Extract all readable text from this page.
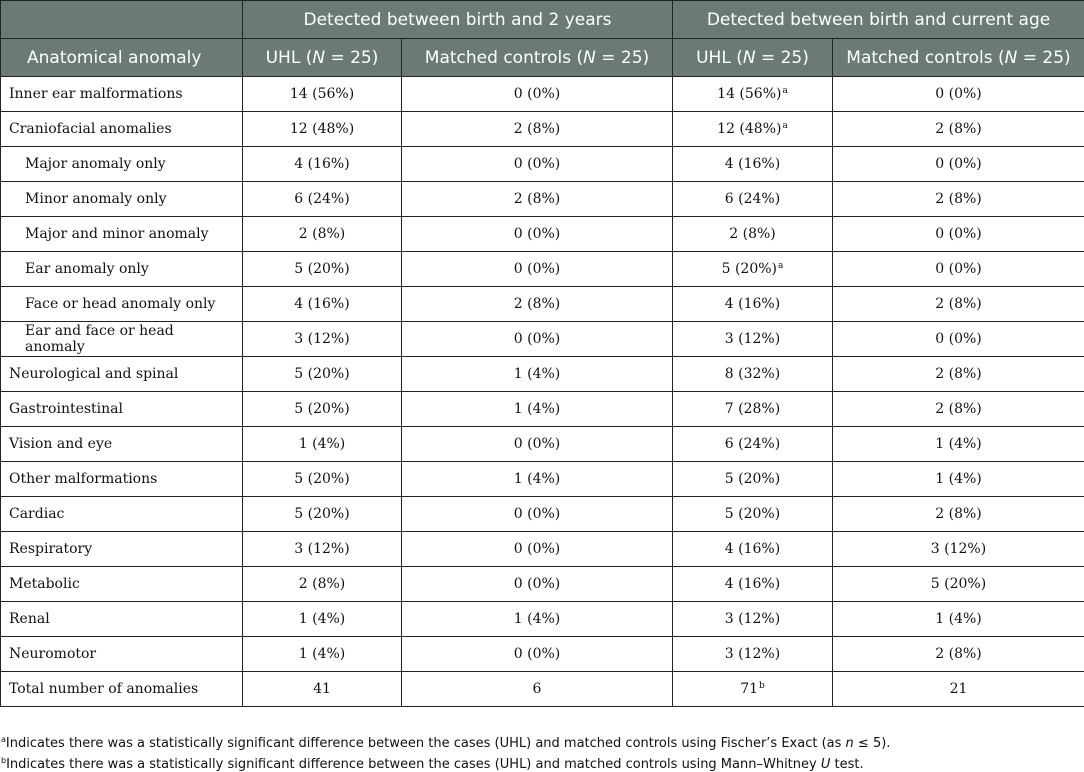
	Detected between birth and 2 years		Detected between birth and current age	
Anatomical anomaly	UHL (N = 25)	Matched controls (N = 25)	UHL (N = 25)	Matched controls (N = 25)
Inner ear malformations	14 (56%)	0 (0%)	14 $(56\%)^a$	0 (0%)
Craniofacial anomalies	12 (48%)	2 (8%)	12 $(48\%)^a$	2 (8%)
Major anomaly only	4 (16%)	0 (0%)	4 (16%)	0 (0%)
Minor anomaly only	6 (24%)	2 (8%)	6 (24%)	2 (8%)
Major and minor anomaly	2 (8%)	0 (0%)	2 (8%)	0 (0%)
Ear anomaly only	5 (20%)	0 (0%)	5 $(20\%)^a$	0 (0%)
Face or head anomaly only	4 (16%)	2 (8%)	4 (16%)	2 (8%)
Ear and face or head anomaly	3 (12%)	0 (0%)	3 (12%)	0 (0%)
Neurological and spinal	5 (20%)	1 (4%)	8 (32%)	2 (8%)
Gastrointestinal	5 (20%)	1 (4%)	7 (28%)	2 (8%)
Vision and eye	1 (4%)	0 (0%)	6 (24%)	1 (4%)
Other malformations	5 (20%)	1 (4%)	5 (20%)	1 (4%)
Cardiac	5 (20%)	0 (0%)	5 (20%)	2 (8%)
Respiratory	3 (12%)	0 (0%)	4 (16%)	3 (12%)
Metabolic	2 (8%)	0 (0%)	4 (16%)	5 (20%)
Renal	1 (4%)	1 (4%)	3 (12%)	1 (4%)
Neuromotor	1 (4%)	0 (0%)	3 (12%)	2 (8%)
Total number of anomalies	41	6	71$^b$	21
$^a$Indicates there was a statistically significant difference between the cases (UHL) and matched controls using Fischer’s Exact (as n ≤ 5).
$^b$Indicates there was a statistically significant difference between the cases (UHL) and matched controls using Mann–Whitney U test.
